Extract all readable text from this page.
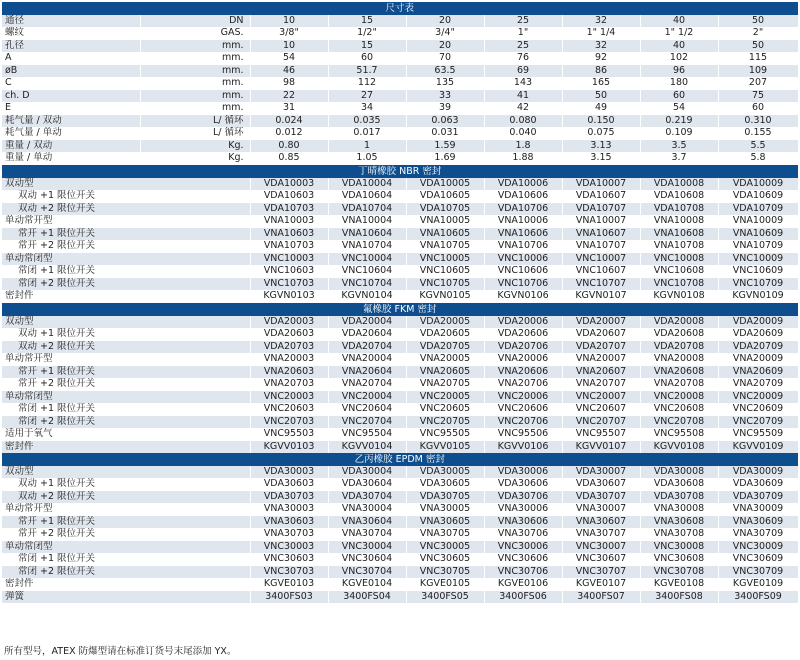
尺寸表								
通径	DN	10	15	20	25	32	40	50
螺纹	GAS.	3/8"	1/2"	3/4"	1"	1" 1/4	1" 1/2	2"
孔径	mm.	10	15	20	25	32	40	50
A	mm.	54	60	70	76	92	102	115
øB	mm.	46	51.7	63.5	69	86	96	109
C	mm.	98	112	135	143	165	180	207
ch. D	mm.	22	27	33	41	50	60	75
E	mm.	31	34	39	42	49	54	60
耗气量 / 双动	L/ 循环	0.024	0.035	0.063	0.080	0.150	0.219	0.310
耗气量 / 单动	L/ 循环	0.012	0.017	0.031	0.040	0.075	0.109	0.155
重量 / 双动	Kg.	0.80	1	1.59	1.8	3.13	3.5	5.5
重量 / 单动	Kg.	0.85	1.05	1.69	1.88	3.15	3.7	5.8
丁晴橡胶 NBR 密封								
双动型		VDA10003	VDA10004	VDA10005	VDA10006	VDA10007	VDA10008	VDA10009
双动 +1 限位开关		VDA10603	VDA10604	VDA10605	VDA10606	VDA10607	VDA10608	VDA10609
双动 +2 限位开关		VDA10703	VDA10704	VDA10705	VDA10706	VDA10707	VDA10708	VDA10709
单动常开型		VNA10003	VNA10004	VNA10005	VNA10006	VNA10007	VNA10008	VNA10009
常开 +1 限位开关		VNA10603	VNA10604	VNA10605	VNA10606	VNA10607	VNA10608	VNA10609
常开 +2 限位开关		VNA10703	VNA10704	VNA10705	VNA10706	VNA10707	VNA10708	VNA10709
单动常闭型		VNC10003	VNC10004	VNC10005	VNC10006	VNC10007	VNC10008	VNC10009
常闭 +1 限位开关		VNC10603	VNC10604	VNC10605	VNC10606	VNC10607	VNC10608	VNC10609
常闭 +2 限位开关		VNC10703	VNC10704	VNC10705	VNC10706	VNC10707	VNC10708	VNC10709
密封件		KGVN0103	KGVN0104	KGVN0105	KGVN0106	KGVN0107	KGVN0108	KGVN0109
氟橡胶 FKM 密封								
双动型		VDA20003	VDA20004	VDA20005	VDA20006	VDA20007	VDA20008	VDA20009
双动 +1 限位开关		VDA20603	VDA20604	VDA20605	VDA20606	VDA20607	VDA20608	VDA20609
双动 +2 限位开关		VDA20703	VDA20704	VDA20705	VDA20706	VDA20707	VDA20708	VDA20709
单动常开型		VNA20003	VNA20004	VNA20005	VNA20006	VNA20007	VNA20008	VNA20009
常开 +1 限位开关		VNA20603	VNA20604	VNA20605	VNA20606	VNA20607	VNA20608	VNA20609
常开 +2 限位开关		VNA20703	VNA20704	VNA20705	VNA20706	VNA20707	VNA20708	VNA20709
单动常闭型		VNC20003	VNC20004	VNC20005	VNC20006	VNC20007	VNC20008	VNC20009
常闭 +1 限位开关		VNC20603	VNC20604	VNC20605	VNC20606	VNC20607	VNC20608	VNC20609
常闭 +2 限位开关		VNC20703	VNC20704	VNC20705	VNC20706	VNC20707	VNC20708	VNC20709
适用于氧气		VNC95503	VNC95504	VNC95505	VNC95506	VNC95507	VNC95508	VNC95509
密封件		KGVV0103	KGVV0104	KGVV0105	KGVV0106	KGVV0107	KGVV0108	KGVV0109
乙丙橡胶 EPDM 密封								
双动型		VDA30003	VDA30004	VDA30005	VDA30006	VDA30007	VDA30008	VDA30009
双动 +1 限位开关		VDA30603	VDA30604	VDA30605	VDA30606	VDA30607	VDA30608	VDA30609
双动 +2 限位开关		VDA30703	VDA30704	VDA30705	VDA30706	VDA30707	VDA30708	VDA30709
单动常开型		VNA30003	VNA30004	VNA30005	VNA30006	VNA30007	VNA30008	VNA30009
常开 +1 限位开关		VNA30603	VNA30604	VNA30605	VNA30606	VNA30607	VNA30608	VNA30609
常开 +2 限位开关		VNA30703	VNA30704	VNA30705	VNA30706	VNA30707	VNA30708	VNA30709
单动常闭型		VNC30003	VNC30004	VNC30005	VNC30006	VNC30007	VNC30008	VNC30009
常闭 +1 限位开关		VNC30603	VNC30604	VNC30605	VNC30606	VNC30607	VNC30608	VNC30609
常闭 +2 限位开关		VNC30703	VNC30704	VNC30705	VNC30706	VNC30707	VNC30708	VNC30709
密封件		KGVE0103	KGVE0104	KGVE0105	KGVE0106	KGVE0107	KGVE0108	KGVE0109
弹簧		3400FS03	3400FS04	3400FS05	3400FS06	3400FS07	3400FS08	3400FS09
所有型号，ATEX 防爆型请在标准订货号末尾添加 YX。
